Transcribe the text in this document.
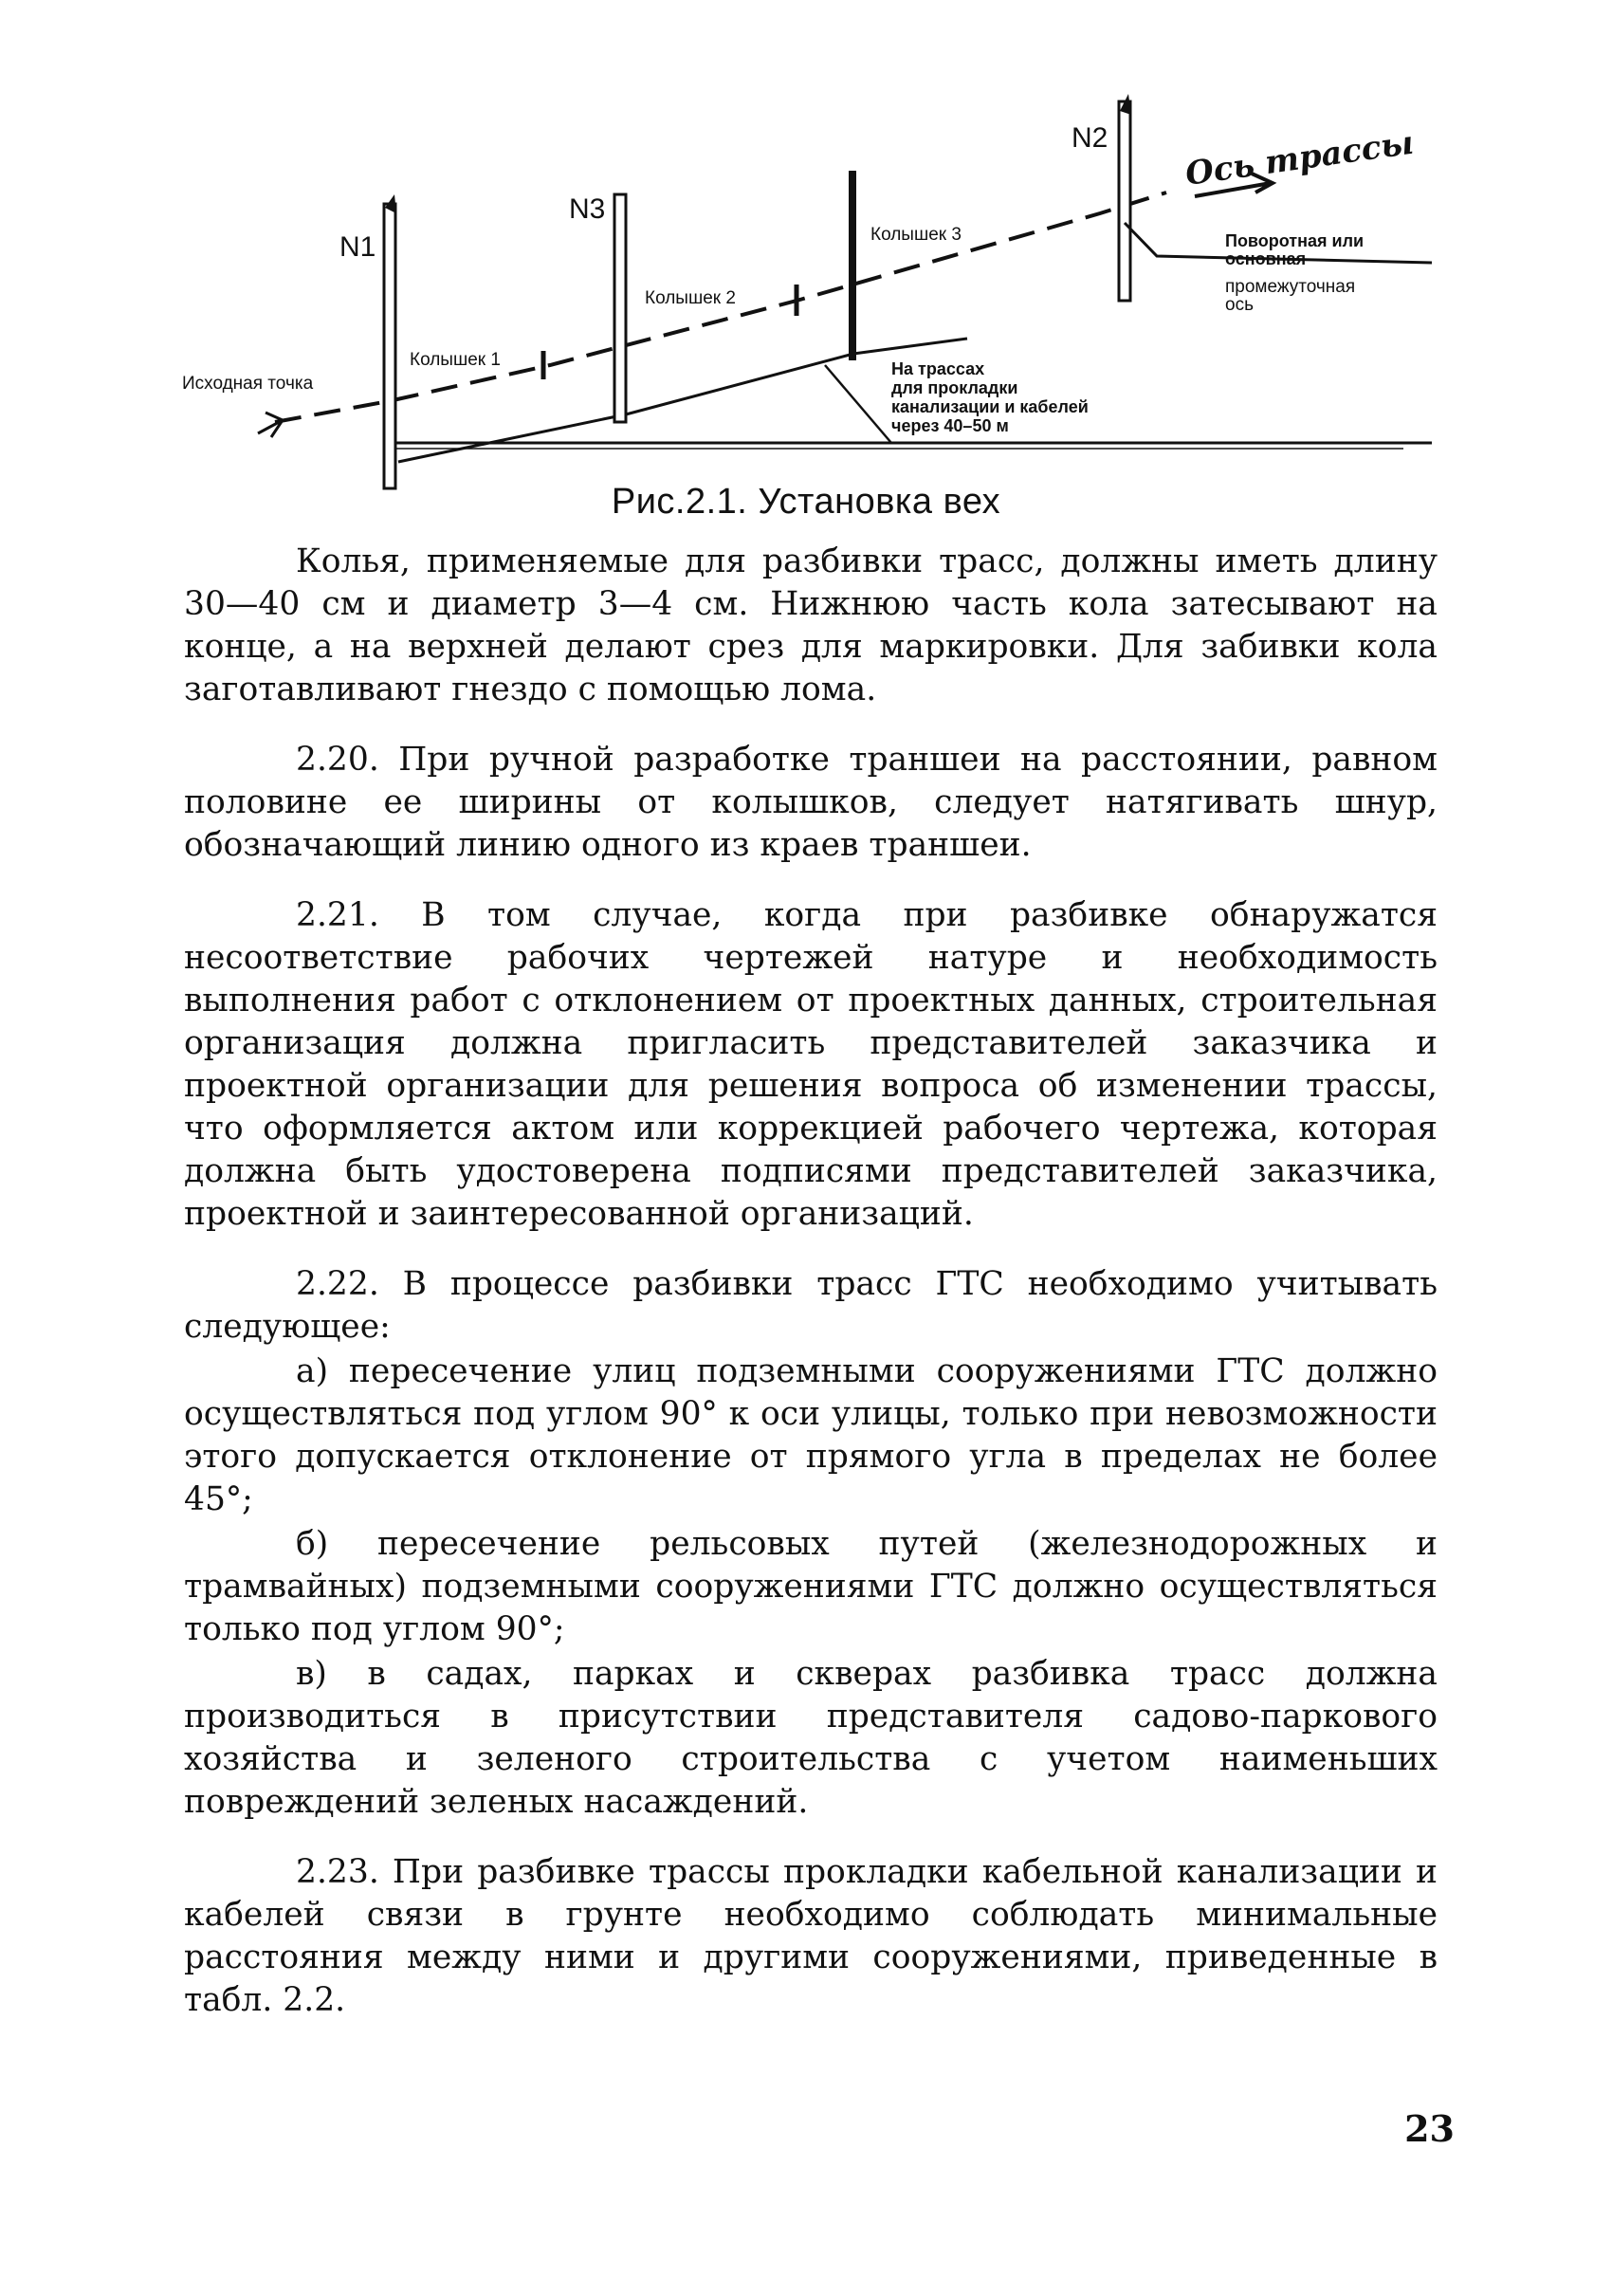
Исходная точка
N1
N3
N2
Колышек 1
Колышек 2
Колышек 3
Ось трассы
Поворотная или
основная
промежуточная
ось
На трассах
для прокладки
канализации и кабелей
через 40–50 м
Рис.2.1. Установка вех

Колья, применяемые для разбивки трасс, должны иметь длину 30—40 см и диаметр 3—4 см. Нижнюю часть кола затесывают на конце, а на верхней делают срез для маркировки. Для забивки кола заготавливают гнездо с помощью лома.

2.20. При ручной разработке траншеи на расстоянии, равном половине ее ширины от колышков, следует натягивать шнур, обозначающий линию одного из краев траншеи.

2.21. В том случае, когда при разбивке обнаружатся несоответствие рабочих чертежей натуре и необходимость выполнения работ с отклонением от проектных данных, строительная организация должна пригласить представителей заказчика и проектной организации для решения вопроса об изменении трассы, что оформляется актом или коррекцией рабочего чертежа, которая должна быть удостоверена подписями представителей заказчика, проектной и заинтересованной организаций.

2.22. В процессе разбивки трасс ГТС необходимо учитывать следующее:

а) пересечение улиц подземными сооружениями ГТС должно осуществляться под углом 90° к оси улицы, только при невозможности этого допускается отклонение от прямого угла в пределах не более 45°;

б) пересечение рельсовых путей (железнодорожных и трамвайных) подземными сооружениями ГТС должно осуществляться только под углом 90°;

в) в садах, парках и скверах разбивка трасс должна производиться в присутствии представителя садово-паркового хозяйства и зеленого строительства с учетом наименьших повреждений зеленых насаждений.

2.23. При разбивке трассы прокладки кабельной канализации и кабелей связи в грунте необходимо соблюдать минимальные расстояния между ними и другими сооружениями, приведенные в табл. 2.2.

23
